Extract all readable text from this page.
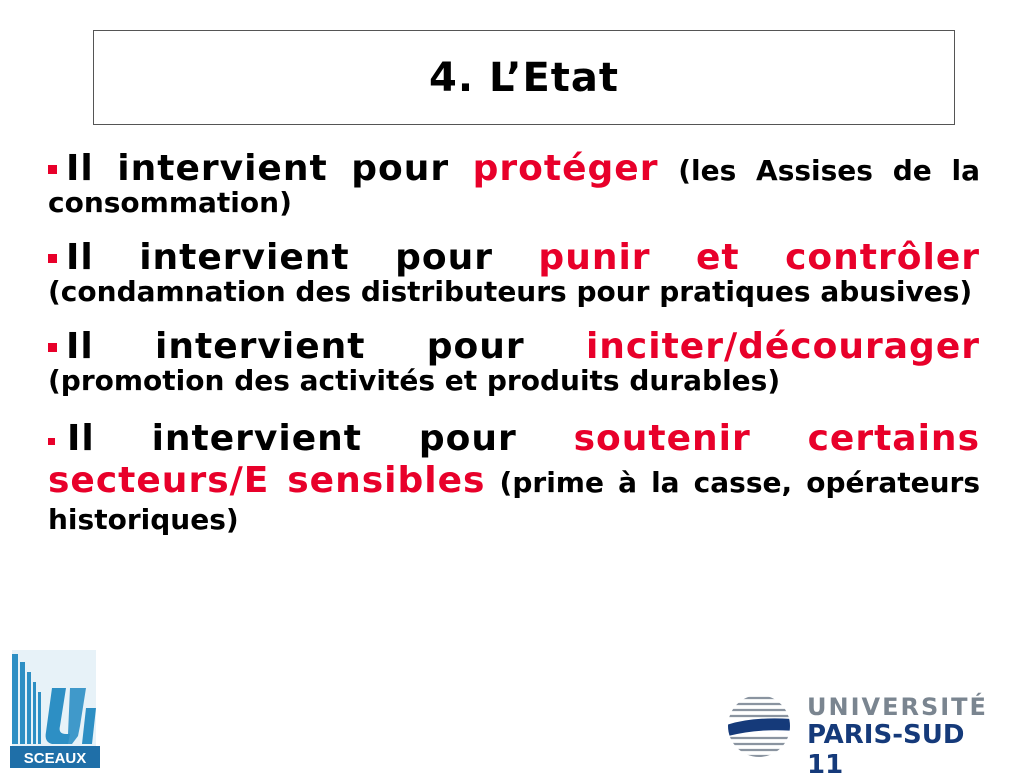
4. L’Etat

Il intervient pour protéger (les Assises de la consommation)

Il intervient pour punir et contrôler (condamnation des distributeurs pour pratiques abusives)

Il intervient pour inciter/décourager (promotion des activités et produits durables)

Il intervient pour soutenir certains secteurs/E sensibles (prime à la casse, opérateurs historiques)

SCEAUX
UNIVERSITÉ
PARIS-SUD 11
